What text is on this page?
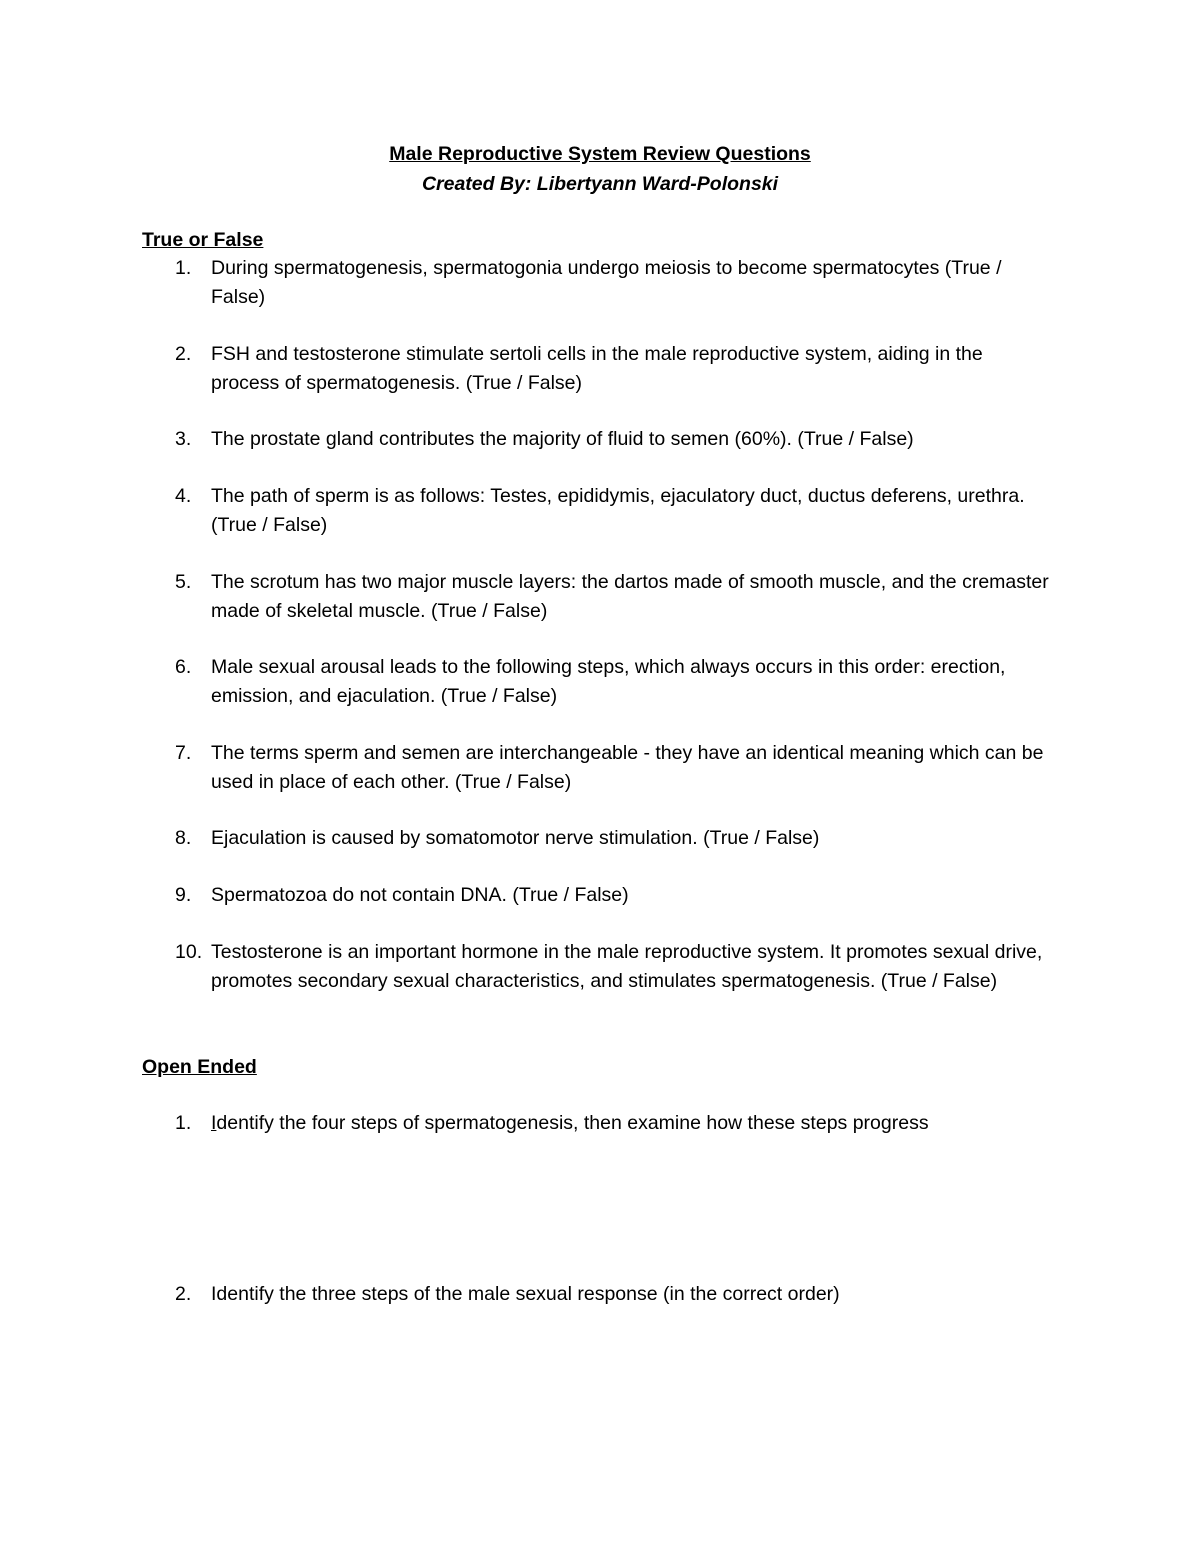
Male Reproductive System Review Questions
Created By: Libertyann Ward-Polonski
True or False
1.	During spermatogenesis, spermatogonia undergo meiosis to become spermatocytes (True / False)
2.	FSH and testosterone stimulate sertoli cells in the male reproductive system, aiding in the process of spermatogenesis. (True / False)
3.	The prostate gland contributes the majority of fluid to semen (60%). (True / False)
4.	The path of sperm is as follows: Testes, epididymis, ejaculatory duct, ductus deferens, urethra. (True / False)
5.	The scrotum has two major muscle layers: the dartos made of smooth muscle, and the cremaster made of skeletal muscle. (True / False)
6.	Male sexual arousal leads to the following steps, which always occurs in this order: erection, emission, and ejaculation. (True / False)
7.	The terms sperm and semen are interchangeable - they have an identical meaning which can be used in place of each other. (True / False)
8.	Ejaculation is caused by somatomotor nerve stimulation. (True / False)
9.	Spermatozoa do not contain DNA. (True / False)
10. Testosterone is an important hormone in the male reproductive system. It promotes sexual drive, promotes secondary sexual characteristics, and stimulates spermatogenesis. (True / False)
Open Ended
1.	Identify the four steps of spermatogenesis, then examine how these steps progress
2.	Identify the three steps of the male sexual response (in the correct order)
